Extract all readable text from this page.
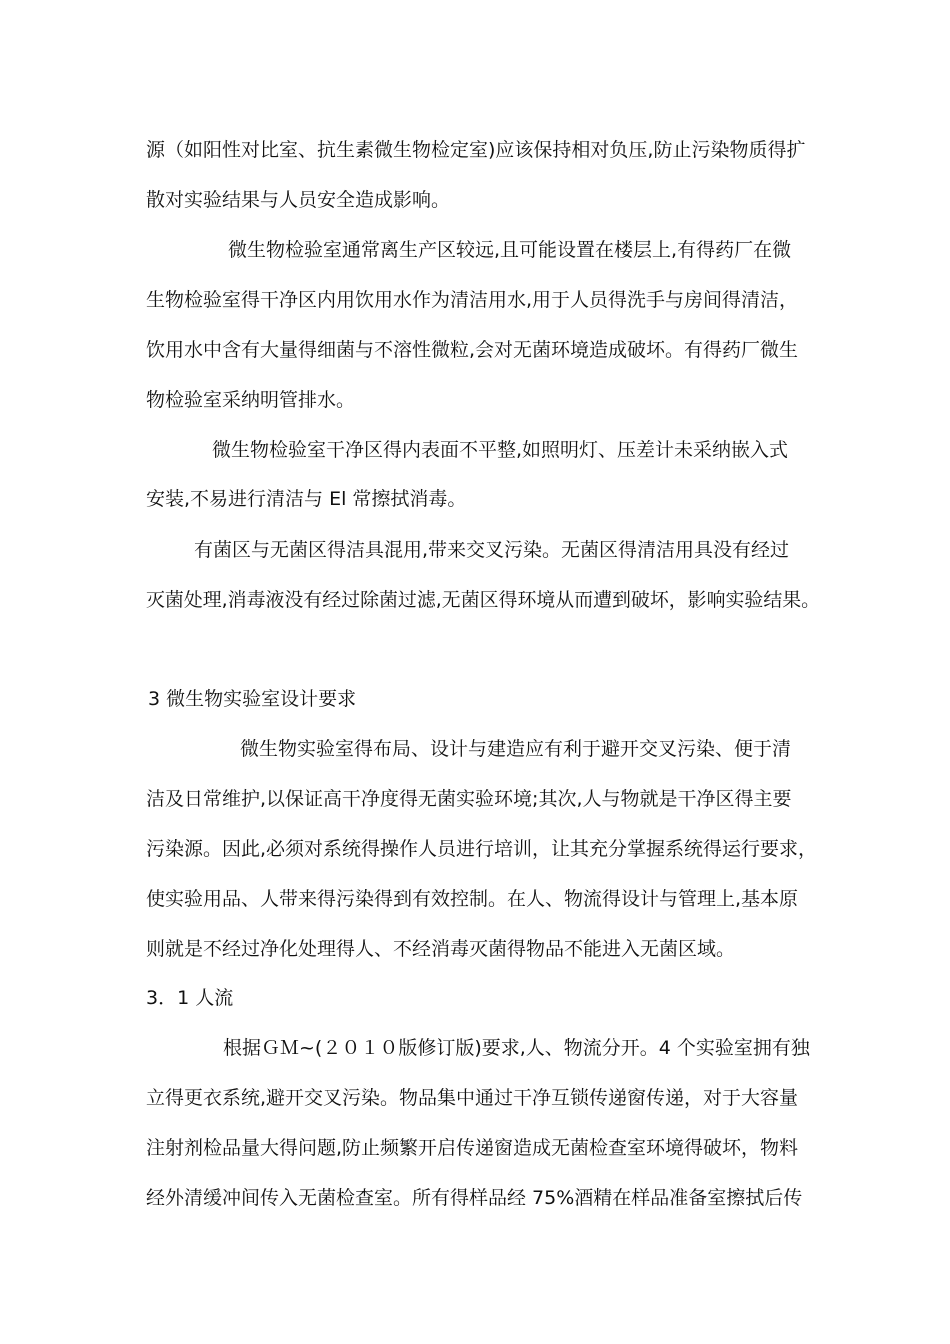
源（如阳性对比室、抗生素微生物检定室)应该保持相对负压,防止污染物质得扩
散对实验结果与人员安全造成影响。
微生物检验室通常离生产区较远,且可能设置在楼层上,有得药厂在微
生物检验室得干净区内用饮用水作为清洁用水,用于人员得洗手与房间得清洁，
饮用水中含有大量得细菌与不溶性微粒,会对无菌环境造成破坏。有得药厂微生
物检验室采纳明管排水。
微生物检验室干净区得内表面不平整,如照明灯、压差计未采纳嵌入式
安装,不易进行清洁与 El 常擦拭消毒。
有菌区与无菌区得洁具混用,带来交叉污染。无菌区得清洁用具没有经过
灭菌处理,消毒液没有经过除菌过滤,无菌区得环境从而遭到破坏，影响实验结果。
3 微生物实验室设计要求
微生物实验室得布局、设计与建造应有利于避开交叉污染、便于清
洁及日常维护,以保证高干净度得无菌实验环境;其次,人与物就是干净区得主要
污染源。因此,必须对系统得操作人员进行培训，让其充分掌握系统得运行要求，
使实验用品、人带来得污染得到有效控制。在人、物流得设计与管理上,基本原
则就是不经过净化处理得人、不经消毒灭菌得物品不能进入无菌区域。
3．1 人流
根据ＧＭ~(２０１０版修订版)要求,人、物流分开。4 个实验室拥有独
立得更衣系统,避开交叉污染。物品集中通过干净互锁传递窗传递，对于大容量
注射剂检品量大得问题,防止频繁开启传递窗造成无菌检查室环境得破坏，物料
经外清缓冲间传入无菌检查室。所有得样品经 75%酒精在样品准备室擦拭后传
